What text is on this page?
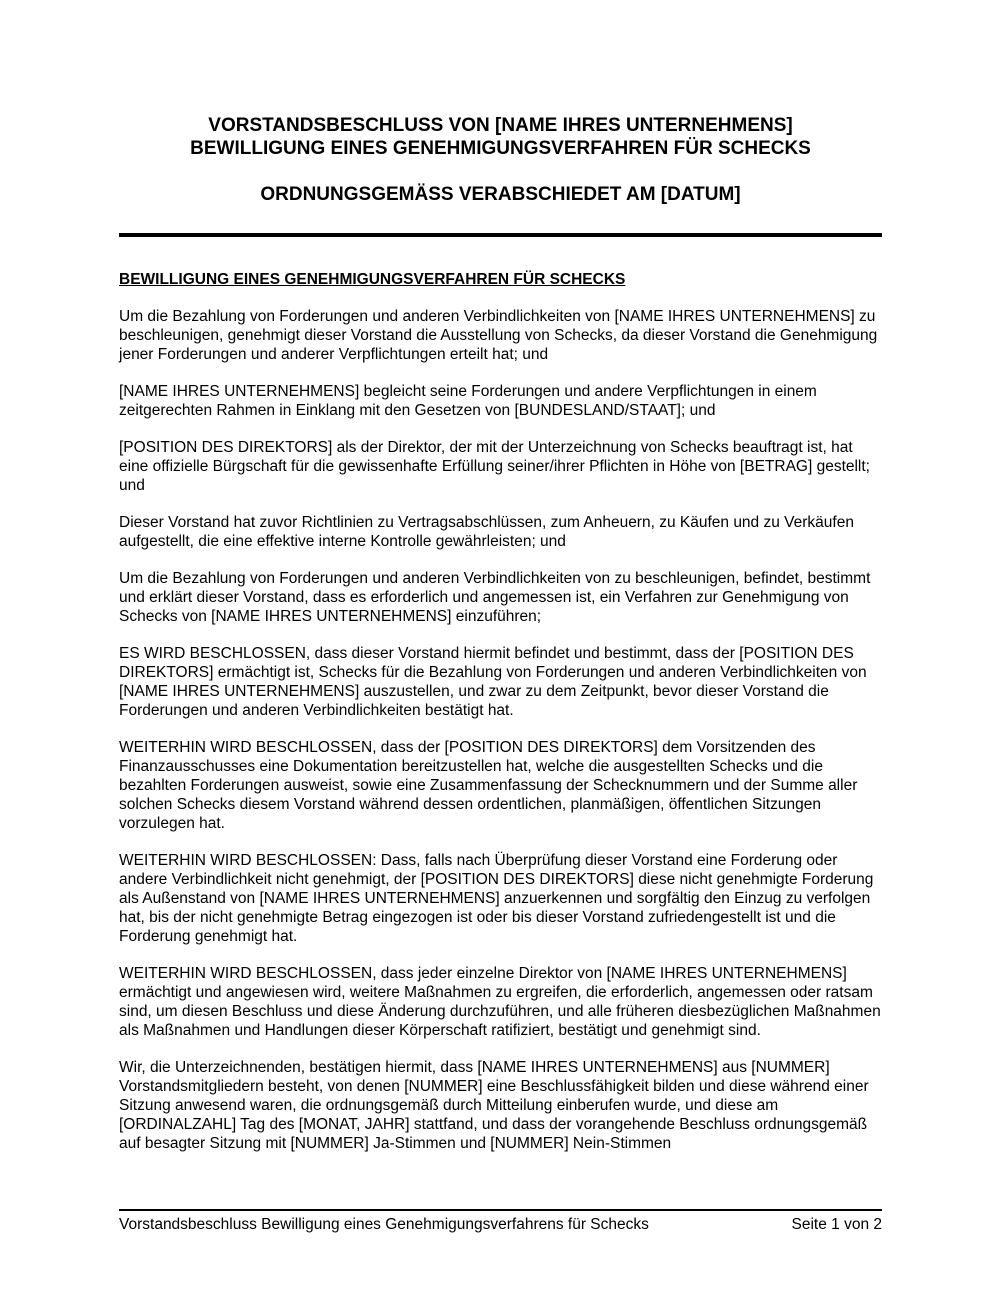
VORSTANDSBESCHLUSS VON [NAME IHRES UNTERNEHMENS]
BEWILLIGUNG EINES GENEHMIGUNGSVERFAHREN FÜR SCHECKS
ORDNUNGSGEMÄSS VERABSCHIEDET AM [DATUM]
BEWILLIGUNG EINES GENEHMIGUNGSVERFAHREN FÜR SCHECKS

Um die Bezahlung von Forderungen und anderen Verbindlichkeiten von [NAME IHRES UNTERNEHMENS] zu beschleunigen, genehmigt dieser Vorstand die Ausstellung von Schecks, da dieser Vorstand die Genehmigung jener Forderungen und anderer Verpflichtungen erteilt hat; und

[NAME IHRES UNTERNEHMENS] begleicht seine Forderungen und andere Verpflichtungen in einem zeitgerechten Rahmen in Einklang mit den Gesetzen von [BUNDESLAND/STAAT]; und

[POSITION DES DIREKTORS] als der Direktor, der mit der Unterzeichnung von Schecks beauftragt ist, hat eine offizielle Bürgschaft für die gewissenhafte Erfüllung seiner/ihrer Pflichten in Höhe von [BETRAG] gestellt; und

Dieser Vorstand hat zuvor Richtlinien zu Vertragsabschlüssen, zum Anheuern, zu Käufen und zu Verkäufen aufgestellt, die eine effektive interne Kontrolle gewährleisten; und

Um die Bezahlung von Forderungen und anderen Verbindlichkeiten von zu beschleunigen, befindet, bestimmt und erklärt dieser Vorstand, dass es erforderlich und angemessen ist, ein Verfahren zur Genehmigung von Schecks von [NAME IHRES UNTERNEHMENS] einzuführen;

ES WIRD BESCHLOSSEN, dass dieser Vorstand hiermit befindet und bestimmt, dass der [POSITION DES DIREKTORS] ermächtigt ist, Schecks für die Bezahlung von Forderungen und anderen Verbindlichkeiten von [NAME IHRES UNTERNEHMENS] auszustellen, und zwar zu dem Zeitpunkt, bevor dieser Vorstand die Forderungen und anderen Verbindlichkeiten bestätigt hat.

WEITERHIN WIRD BESCHLOSSEN, dass der [POSITION DES DIREKTORS] dem Vorsitzenden des Finanzausschusses eine Dokumentation bereitzustellen hat, welche die ausgestellten Schecks und die bezahlten Forderungen ausweist, sowie eine Zusammenfassung der Schecknummern und der Summe aller solchen Schecks diesem Vorstand während dessen ordentlichen, planmäßigen, öffentlichen Sitzungen vorzulegen hat.

WEITERHIN WIRD BESCHLOSSEN: Dass, falls nach Überprüfung dieser Vorstand eine Forderung oder andere Verbindlichkeit nicht genehmigt, der [POSITION DES DIREKTORS] diese nicht genehmigte Forderung als Außenstand von [NAME IHRES UNTERNEHMENS] anzuerkennen und sorgfältig den Einzug zu verfolgen hat, bis der nicht genehmigte Betrag eingezogen ist oder bis dieser Vorstand zufriedengestellt ist und die Forderung genehmigt hat.

WEITERHIN WIRD BESCHLOSSEN, dass jeder einzelne Direktor von [NAME IHRES UNTERNEHMENS] ermächtigt und angewiesen wird, weitere Maßnahmen zu ergreifen, die erforderlich, angemessen oder ratsam sind, um diesen Beschluss und diese Änderung durchzuführen, und alle früheren diesbezüglichen Maßnahmen als Maßnahmen und Handlungen dieser Körperschaft ratifiziert, bestätigt und genehmigt sind.

Wir, die Unterzeichnenden, bestätigen hiermit, dass [NAME IHRES UNTERNEHMENS] aus [NUMMER] Vorstandsmitgliedern besteht, von denen [NUMMER] eine Beschlussfähigkeit bilden und diese während einer Sitzung anwesend waren, die ordnungsgemäß durch Mitteilung einberufen wurde, und diese am [ORDINALZAHL] Tag des [MONAT, JAHR] stattfand, und dass der vorangehende Beschluss ordnungsgemäß auf besagter Sitzung mit [NUMMER] Ja-Stimmen und [NUMMER] Nein-Stimmen

Vorstandsbeschluss Bewilligung eines Genehmigungsverfahrens für Schecks	Seite 1 von 2
